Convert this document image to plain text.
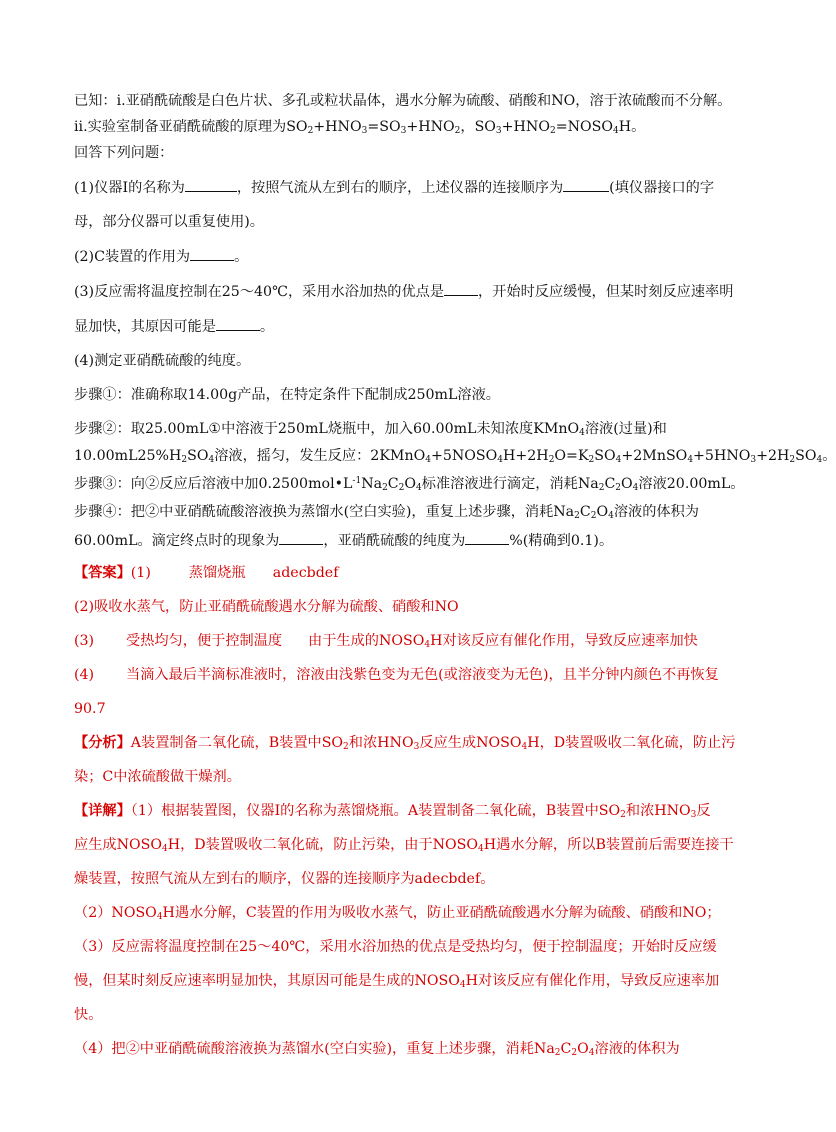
已知：i.亚硝酰硫酸是白色片状、多孔或粒状晶体，遇水分解为硫酸、硝酸和NO，溶于浓硫酸而不分解。
ii.实验室制备亚硝酰硫酸的原理为$SO_2+HNO_3=SO_3+HNO_2$，$SO_3+HNO_2=NOSO_4H$。
回答下列问题：
(1)仪器I的名称为	，按照气流从左到右的顺序，上述仪器的连接顺序为	(填仪器接口的字
母，部分仪器可以重复使用)。
(2)C装置的作用为	。
(3)反应需将温度控制在25～40℃，采用水浴加热的优点是 ，开始时反应缓慢，但某时刻反应速率明
显加快，其原因可能是	。
(4)测定亚硝酰硫酸的纯度。
步骤①：准确称取14.00g产品，在特定条件下配制成250mL溶液。
步骤②：取25.00mL①中溶液于250mL烧瓶中，加入60.00mL未知浓度KMnO$_4$溶液(过量)和
$10.00mL25\%H_2SO_4$溶液，摇匀，发生反应：$2KMnO_4+5NOSO_4H+2H_2O=K_2SO_4+2MnSO_4+5HNO_3+2H_2SO_4$。
步骤③：向②反应后溶液中加$0.2500mol•L^{-1}Na_2C_2O_4$标准溶液进行滴定，消耗$Na_2C_2O_4$溶液20.00mL。
步骤④：把②中亚硝酰硫酸溶液换为蒸馏水(空白实验)，重复上述步骤，消耗$Na_2C_2O_4$溶液的体积为
60.00mL。滴定终点时的现象为	，亚硝酰硫酸的纯度为	%(精确到0.1)。
【答案】(1)	蒸馏烧瓶 adecbdef
(2)吸收水蒸气，防止亚硝酰硫酸遇水分解为硫酸、硝酸和NO
(3) 受热均匀，便于控制温度 由于生成的$NOSO_4H$对该反应有催化作用，导致反应速率加快
(4) 当滴入最后半滴标准液时，溶液由浅紫色变为无色(或溶液变为无色)，且半分钟内颜色不再恢复
90.7
【分析】A装置制备二氧化硫，B装置中$SO_2$和浓$HNO_3$反应生成$NOSO_4H$，D装置吸收二氧化硫，防止污
染；C中浓硫酸做干燥剂。
【详解】（1）根据装置图，仪器I的名称为蒸馏烧瓶。A装置制备二氧化硫，B装置中$SO_2$和浓$HNO_3$反
应生成$NOSO_4H$，D装置吸收二氧化硫，防止污染，由于$NOSO_4H$遇水分解，所以B装置前后需要连接干
燥装置，按照气流从左到右的顺序，仪器的连接顺序为adecbdef。
$(2)NOSO_4H$遇水分解，C装置的作用为吸收水蒸气，防止亚硝酰硫酸遇水分解为硫酸、硝酸和NO；
（3）反应需将温度控制在25～40℃，采用水浴加热的优点是受热均匀，便于控制温度；开始时反应缓
慢，但某时刻反应速率明显加快，其原因可能是生成的$NOSO_4H$对该反应有催化作用，导致反应速率加
快。
（4）把②中亚硝酰硫酸溶液换为蒸馏水(空白实验)，重复上述步骤，消耗$Na_2C_2O_4$溶液的体积为
